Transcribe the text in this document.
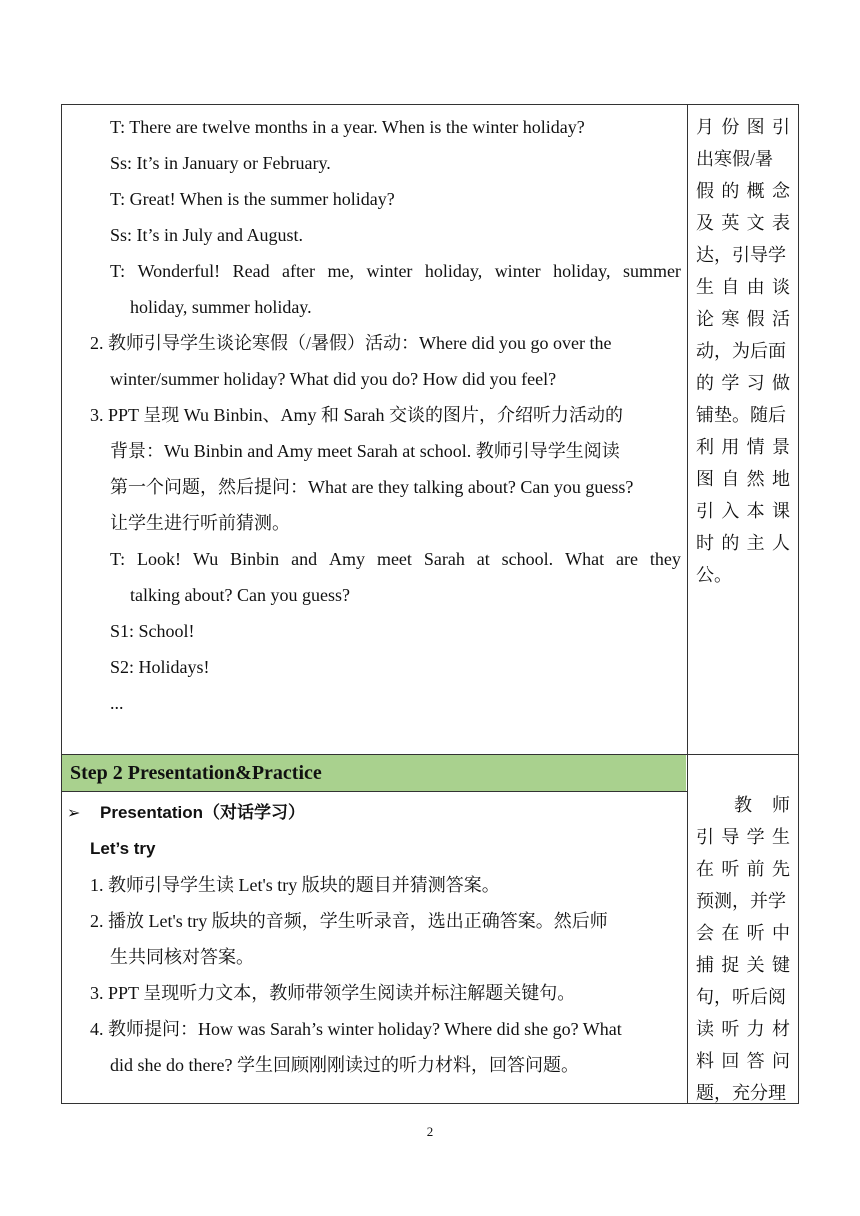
T: There are twelve months in a year. When is the winter holiday?
Ss: It’s in January or February.
T: Great! When is the summer holiday?
Ss: It’s in July and August.
T: Wonderful! Read after me, winter holiday, winter holiday, summer
holiday, summer holiday.
2. 教师引导学生谈论寒假（/暑假）活动：Where did you go over the
winter/summer holiday? What did you do? How did you feel?
3. PPT 呈现 Wu Binbin、Amy 和 Sarah 交谈的图片，介绍听力活动的
背景：Wu Binbin and Amy meet Sarah at school. 教师引导学生阅读
第一个问题，然后提问：What are they talking about? Can you guess?
让学生进行听前猜测。
T: Look! Wu Binbin and Amy meet Sarah at school. What are they
talking about? Can you guess?
S1: School!
S2: Holidays!
...
月 份 图 引
出寒假/暑
假 的 概 念
及 英 文 表
达，引导学
生 自 由 谈
论 寒 假 活
动，为后面
的 学 习 做
铺垫。随后
利 用 情 景
图 自 然 地
引 入 本 课
时 的 主 人
公。
Step 2 Presentation&Practice
➢ Presentation（对话学习）
Let’s try
1. 教师引导学生读 Let's try 版块的题目并猜测答案。
2. 播放 Let's try 版块的音频，学生听录音，选出正确答案。然后师
生共同核对答案。
3. PPT 呈现听力文本，教师带领学生阅读并标注解题关键句。
4. 教师提问：How was Sarah’s winter holiday? Where did she go? What
did she do there? 学生回顾刚刚读过的听力材料，回答问题。
教 师
引 导 学 生
在 听 前 先
预测，并学
会 在 听 中
捕 捉 关 键
句，听后阅
读 听 力 材
料 回 答 问
题，充分理
2
